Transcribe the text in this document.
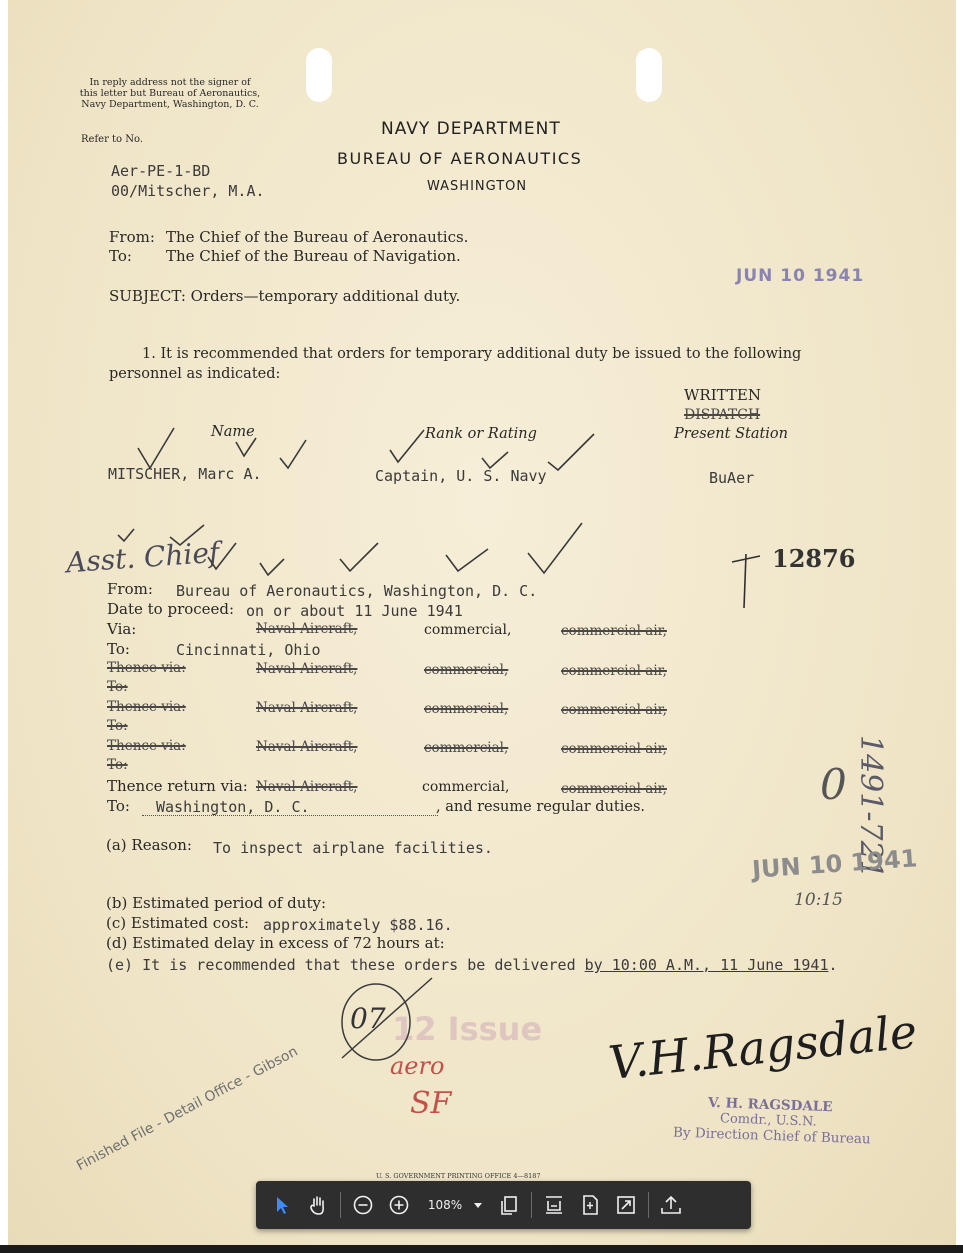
In reply address not the signer of
this letter but Bureau of Aeronautics,
Navy Department, Washington, D. C.
Refer to No.
Aer-PE-1-BD
00/Mitscher, M.A.
NAVY DEPARTMENT
BUREAU OF AERONAUTICS
WASHINGTON
From: The Chief of the Bureau of Aeronautics.
To: The Chief of the Bureau of Navigation.
JUN 10 1941
SUBJECT: Orders—temporary additional duty.
1. It is recommended that orders for temporary additional duty be issued to the following
personnel as indicated:
WRITTEN
DISPATCH
Present Station
Name	Rank or Rating
MITSCHER, Marc A.	Captain, U. S. Navy	BuAer
Asst. Chief	12876
1491-721
0
From: Bureau of Aeronautics, Washington, D. C.
Date to proceed: on or about 11 June 1941
Via:	Naval Aircraft,	commercial,	commercial air,
To:	Cincinnati, Ohio
Thence via:	Naval Aircraft,	commercial,	commercial air,
To:
Thence via:	Naval Aircraft,	commercial,	commercial air,
To:
Thence via:	Naval Aircraft,	commercial,	commercial air,
To:
Thence return via: Naval Aircraft,	commercial,	commercial air,
To:	Washington, D. C.	, and resume regular duties.
(a) Reason: To inspect airplane facilities.	JUN 10 1941
10:15
(b) Estimated period of duty:
(c) Estimated cost: approximately $88.16.
(d) Estimated delay in excess of 72 hours at:
(e) It is recommended that these orders be delivered by 10:00 A.M., 11 June 1941.
12 Issue
07
aero
SF
Finished File - Detail Office - Gibson	V.H.Ragsdale
V. H. RAGSDALE
Comdr., U.S.N.
By Direction Chief of Bureau
U. S. GOVERNMENT PRINTING OFFICE 4—8187
108%
